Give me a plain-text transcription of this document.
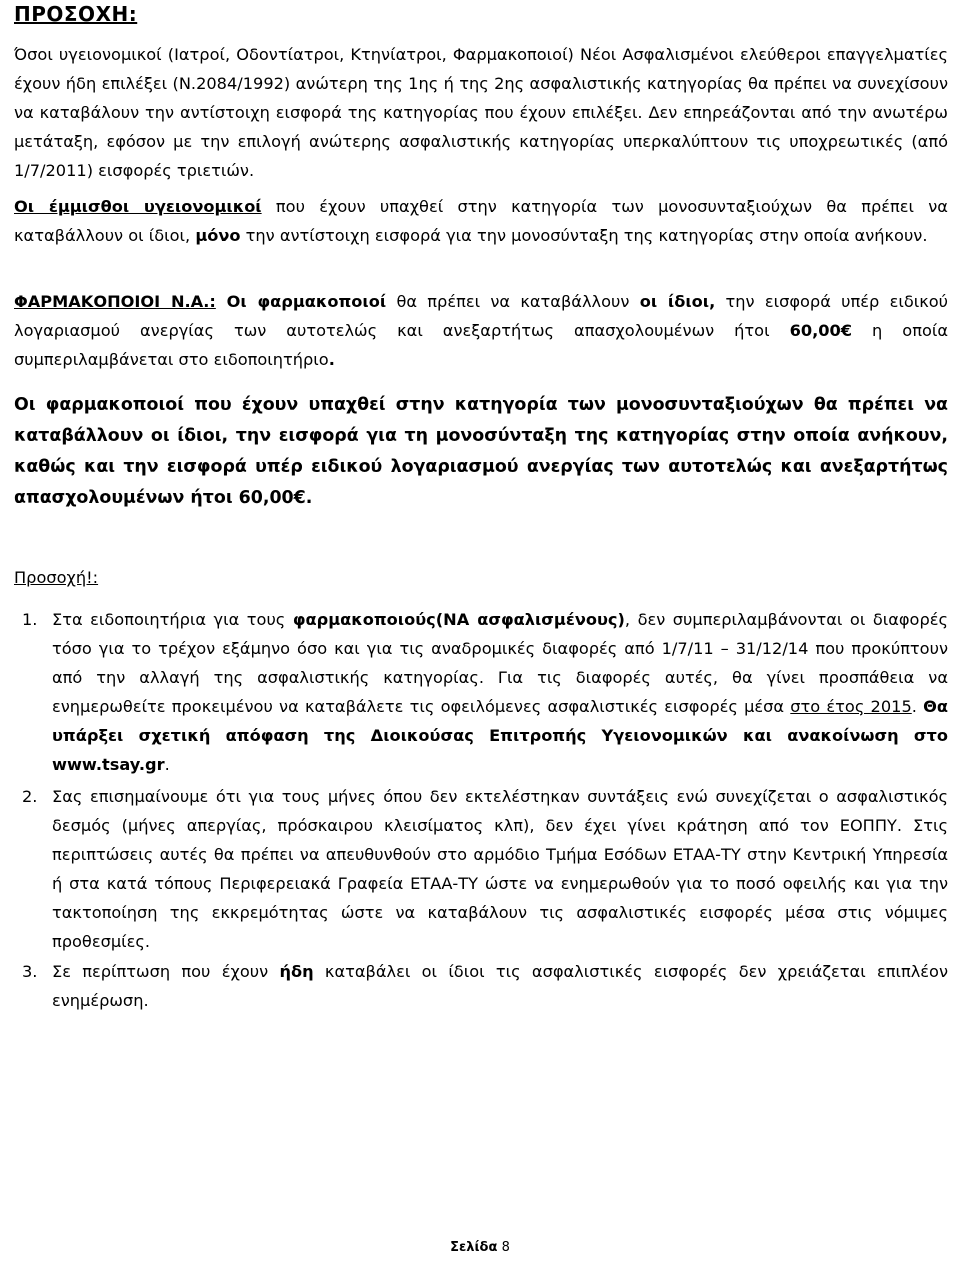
ΠΡΟΣΟΧΗ:

Όσοι υγειονομικοί (Ιατροί, Οδοντίατροι, Κτηνίατροι, Φαρμακοποιοί) Νέοι Ασφαλισμένοι ελεύθεροι επαγγελματίες έχουν ήδη επιλέξει (Ν.2084/1992) ανώτερη της 1ης ή της 2ης ασφαλιστικής κατηγορίας θα πρέπει να συνεχίσουν να καταβάλουν την αντίστοιχη εισφορά της κατηγορίας που έχουν επιλέξει. Δεν επηρεάζονται από την ανωτέρω μετάταξη, εφόσον με την επιλογή ανώτερης ασφαλιστικής κατηγορίας υπερκαλύπτουν τις υποχρεωτικές (από 1/7/2011) εισφορές τριετιών.

Οι έμμισθοι υγειονομικοί που έχουν υπαχθεί στην κατηγορία των μονοσυνταξιούχων θα πρέπει να καταβάλλουν οι ίδιοι, μόνο την αντίστοιχη εισφορά για την μονοσύνταξη της κατηγορίας στην οποία ανήκουν.

ΦΑΡΜΑΚΟΠΟΙΟΙ Ν.Α.: Οι φαρμακοποιοί θα πρέπει να καταβάλλουν οι ίδιοι, την εισφορά υπέρ ειδικού λογαριασμού ανεργίας των αυτοτελώς και ανεξαρτήτως απασχολουμένων ήτοι 60,00€ η οποία συμπεριλαμβάνεται στο ειδοποιητήριο.

Οι φαρμακοποιοί που έχουν υπαχθεί στην κατηγορία των μονοσυνταξιούχων θα πρέπει να καταβάλλουν οι ίδιοι, την εισφορά για τη μονοσύνταξη της κατηγορίας στην οποία ανήκουν, καθώς και την εισφορά υπέρ ειδικού λογαριασμού ανεργίας των αυτοτελώς και ανεξαρτήτως απασχολουμένων ήτοι 60,00€.

Προσοχή!:
1. Στα ειδοποιητήρια για τους φαρμακοποιούς(ΝΑ ασφαλισμένους), δεν συμπεριλαμβάνονται οι διαφορές τόσο για το τρέχον εξάμηνο όσο και για τις αναδρομικές διαφορές από 1/7/11 – 31/12/14 που προκύπτουν από την αλλαγή της ασφαλιστικής κατηγορίας. Για τις διαφορές αυτές, θα γίνει προσπάθεια να ενημερωθείτε προκειμένου να καταβάλετε τις οφειλόμενες ασφαλιστικές εισφορές μέσα στο έτος 2015. Θα υπάρξει σχετική απόφαση της Διοικούσας Επιτροπής Υγειονομικών και ανακοίνωση στο www.tsay.gr.
2. Σας επισημαίνουμε ότι για τους μήνες όπου δεν εκτελέστηκαν συντάξεις ενώ συνεχίζεται ο ασφαλιστικός δεσμός (μήνες απεργίας, πρόσκαιρου κλεισίματος κλπ), δεν έχει γίνει κράτηση από τον ΕΟΠΠΥ. Στις περιπτώσεις αυτές θα πρέπει να απευθυνθούν στο αρμόδιο Τμήμα Εσόδων ΕΤΑΑ-ΤΥ στην Κεντρική Υπηρεσία ή στα κατά τόπους Περιφερειακά Γραφεία ΕΤΑΑ-ΤΥ ώστε να ενημερωθούν για το ποσό οφειλής και για την τακτοποίηση της εκκρεμότητας ώστε να καταβάλουν τις ασφαλιστικές εισφορές μέσα στις νόμιμες προθεσμίες.
3. Σε περίπτωση που έχουν ήδη καταβάλει οι ίδιοι τις ασφαλιστικές εισφορές δεν χρειάζεται επιπλέον ενημέρωση.
Σελίδα 8
